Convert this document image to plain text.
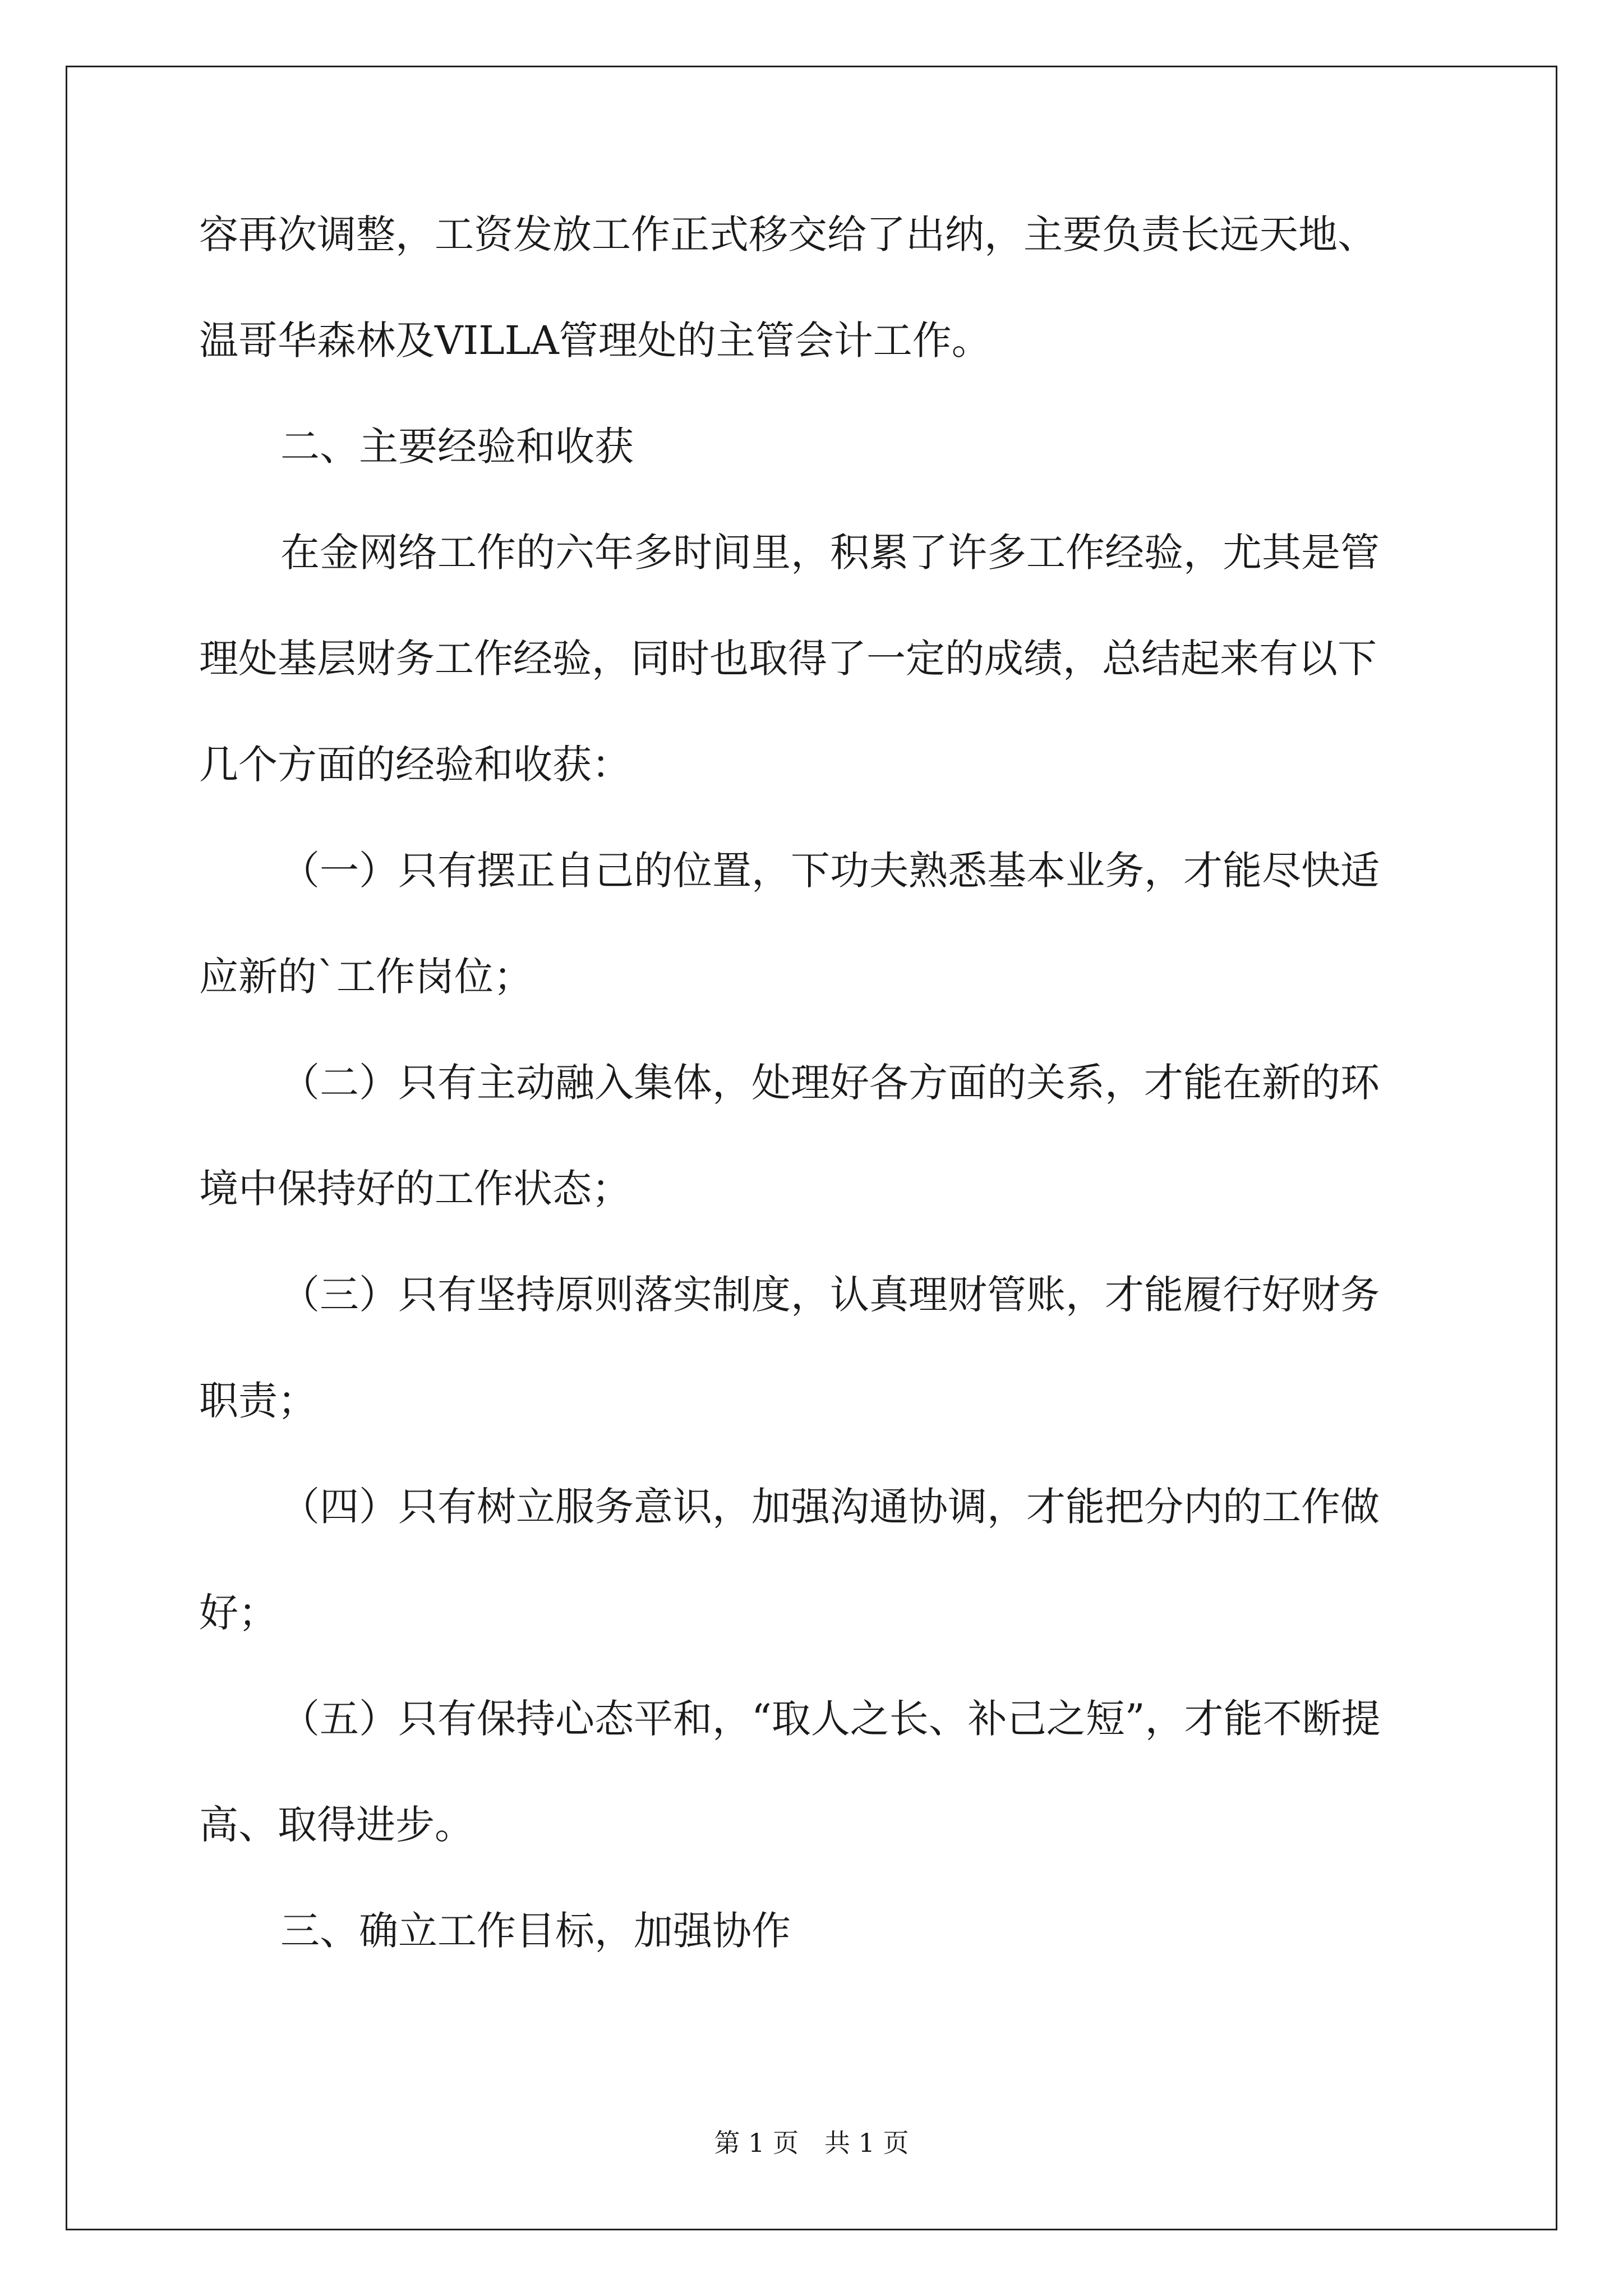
容再次调整，工资发放工作正式移交给了出纳，主要负责长远天地、

温哥华森林及VILLA管理处的主管会计工作。

二、主要经验和收获

在金网络工作的六年多时间里，积累了许多工作经验，尤其是管

理处基层财务工作经验，同时也取得了一定的成绩，总结起来有以下

几个方面的经验和收获：

（一）只有摆正自己的位置，下功夫熟悉基本业务，才能尽快适

应新的`工作岗位；

（二）只有主动融入集体，处理好各方面的关系，才能在新的环

境中保持好的工作状态；

（三）只有坚持原则落实制度，认真理财管账，才能履行好财务

职责；

（四）只有树立服务意识，加强沟通协调，才能把分内的工作做

好；

（五）只有保持心态平和，“取人之长、补己之短”，才能不断提

高、取得进步。

三、确立工作目标，加强协作

第 1 页　共 1 页
